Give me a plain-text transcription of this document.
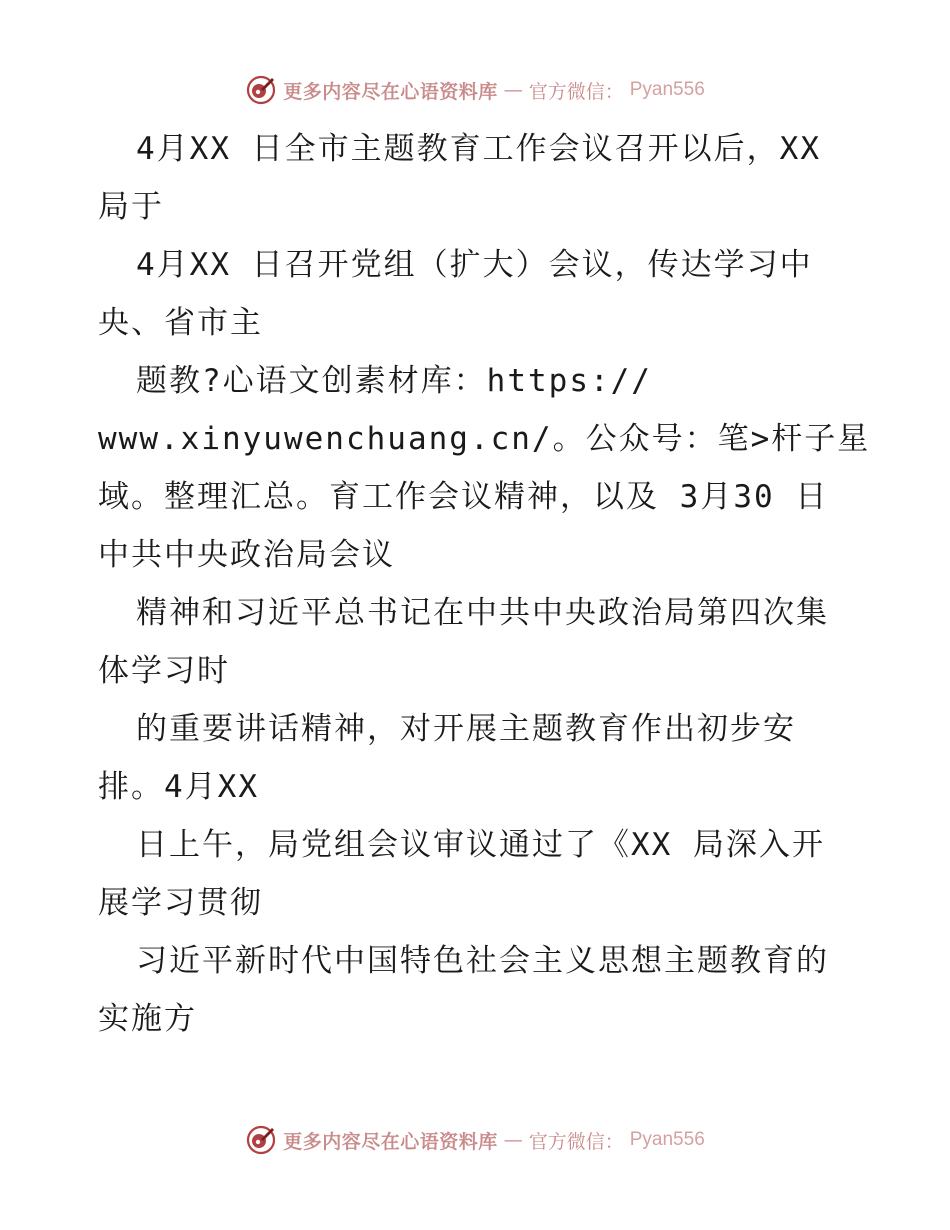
更多内容尽在心语资料库 — 官方微信： Pyan556
4月XX 日全市主题教育工作会议召开以后，XX
局于
4月XX 日召开党组（扩大）会议，传达学习中
央、省市主
题教?心语文创素材库：https://
www.xinyuwenchuang.cn/。公众号：笔>杆子星
域。整理汇总。育工作会议精神，以及 3月30 日
中共中央政治局会议
精神和习近平总书记在中共中央政治局第四次集
体学习时
的重要讲话精神，对开展主题教育作出初步安
排。4月XX
日上午，局党组会议审议通过了《XX 局深入开
展学习贯彻
习近平新时代中国特色社会主义思想主题教育的
实施方
更多内容尽在心语资料库 — 官方微信： Pyan556
